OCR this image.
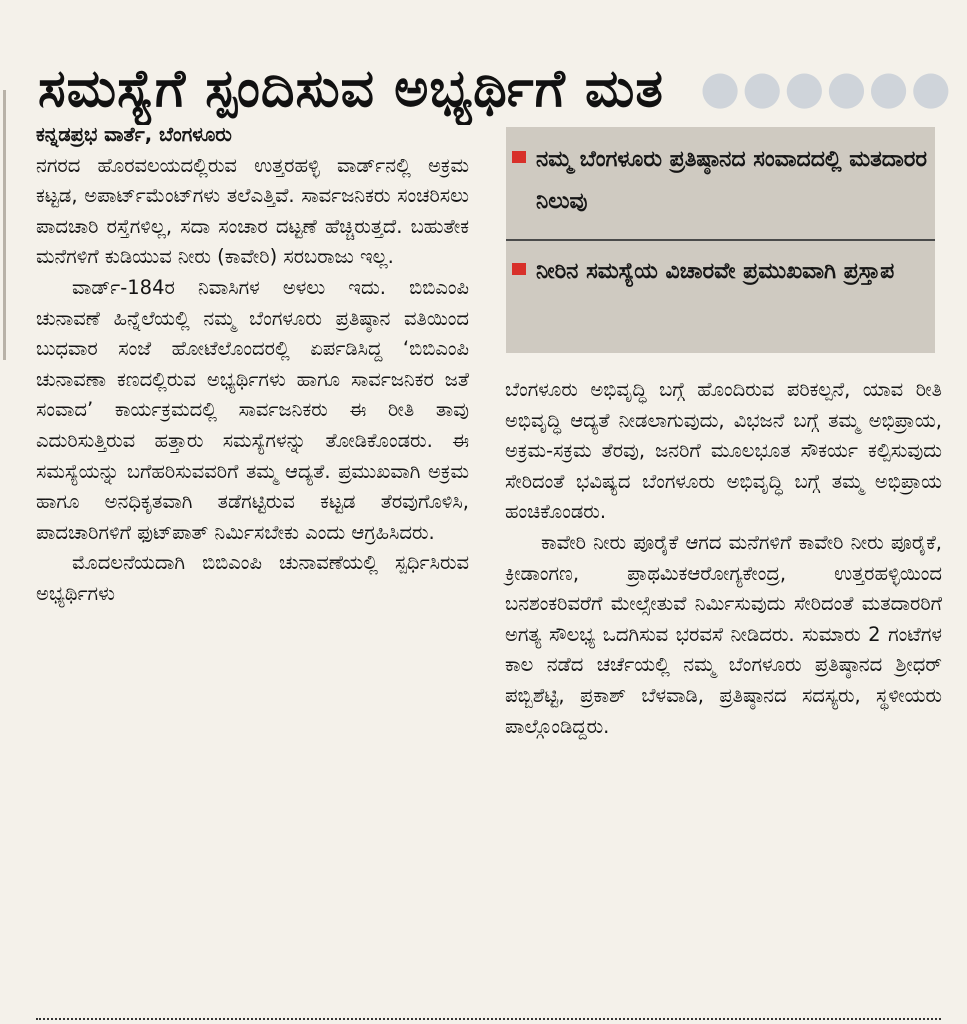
●●●●●●
ಸಮಸ್ಯೆಗೆ ಸ್ಪಂದಿಸುವ ಅಭ್ಯರ್ಥಿಗೆ ಮತ
ಕನ್ನಡಪ್ರಭ ವಾರ್ತೆ, ಬೆಂಗಳೂರು

ನಗರದ ಹೊರವಲಯದಲ್ಲಿರುವ ಉತ್ತರಹಳ್ಳಿ ವಾರ್ಡ್‌ನಲ್ಲಿ ಅಕ್ರಮ ಕಟ್ಟಡ, ಅಪಾರ್ಟ್‌ಮೆಂಟ್‌ಗಳು ತಲೆಎತ್ತಿವೆ. ಸಾರ್ವಜನಿಕರು ಸಂಚರಿಸಲು ಪಾದಚಾರಿ ರಸ್ತೆಗಳಿಲ್ಲ, ಸದಾ ಸಂಚಾರ ದಟ್ಟಣೆ ಹೆಚ್ಚಿರುತ್ತದೆ. ಬಹುತೇಕ ಮನೆಗಳಿಗೆ ಕುಡಿಯುವ ನೀರು (ಕಾವೇರಿ) ಸರಬರಾಜು ಇಲ್ಲ.

ವಾರ್ಡ್-184ರ ನಿವಾಸಿಗಳ ಅಳಲು ಇದು. ಬಿಬಿಎಂಪಿ ಚುನಾವಣೆ ಹಿನ್ನೆಲೆಯಲ್ಲಿ ನಮ್ಮ ಬೆಂಗಳೂರು ಪ್ರತಿಷ್ಠಾನ ವತಿಯಿಂದ ಬುಧವಾರ ಸಂಜೆ ಹೋಟೆಲೊಂದರಲ್ಲಿ ಏರ್ಪಡಿಸಿದ್ದ ‘ಬಿಬಿಎಂಪಿ ಚುನಾವಣಾ ಕಣದಲ್ಲಿರುವ ಅಭ್ಯರ್ಥಿಗಳು ಹಾಗೂ ಸಾರ್ವಜನಿಕರ ಜತೆ ಸಂವಾದ’ ಕಾರ್ಯಕ್ರಮದಲ್ಲಿ ಸಾರ್ವಜನಿಕರು ಈ ರೀತಿ ತಾವು ಎದುರಿಸುತ್ತಿರುವ ಹತ್ತಾರು ಸಮಸ್ಯೆಗಳನ್ನು ತೋಡಿಕೊಂಡರು. ಈ ಸಮಸ್ಯೆಯನ್ನು ಬಗೆಹರಿಸುವವರಿಗೆ ತಮ್ಮ ಆದ್ಯತೆ. ಪ್ರಮುಖವಾಗಿ ಅಕ್ರಮ ಹಾಗೂ ಅನಧಿಕೃತವಾಗಿ ತಡೆಗಟ್ಟಿರುವ ಕಟ್ಟಡ ತೆರವುಗೊಳಿಸಿ, ಪಾದಚಾರಿಗಳಿಗೆ ಫುಟ್‌ಪಾತ್ ನಿರ್ಮಿಸಬೇಕು ಎಂದು ಆಗ್ರಹಿಸಿದರು.

ಮೊದಲನೆಯದಾಗಿ ಬಿಬಿಎಂಪಿ ಚುನಾವಣೆಯಲ್ಲಿ ಸ್ಪರ್ಧಿಸಿರುವ ಅಭ್ಯರ್ಥಿಗಳು

ನಮ್ಮ ಬೆಂಗಳೂರು ಪ್ರತಿಷ್ಠಾನದ ಸಂವಾದದಲ್ಲಿ ಮತದಾರರ ನಿಲುವು
ನೀರಿನ ಸಮಸ್ಯೆಯ ವಿಚಾರವೇ ಪ್ರಮುಖವಾಗಿ ಪ್ರಸ್ತಾಪ

ಬೆಂಗಳೂರು ಅಭಿವೃದ್ಧಿ ಬಗ್ಗೆ ಹೊಂದಿರುವ ಪರಿಕಲ್ಪನೆ, ಯಾವ ರೀತಿ ಅಭಿವೃದ್ಧಿ ಆದ್ಯತೆ ನೀಡಲಾಗುವುದು, ವಿಭಜನೆ ಬಗ್ಗೆ ತಮ್ಮ ಅಭಿಪ್ರಾಯ, ಅಕ್ರಮ-ಸಕ್ರಮ ತೆರವು, ಜನರಿಗೆ ಮೂಲಭೂತ ಸೌಕರ್ಯ ಕಲ್ಪಿಸುವುದು ಸೇರಿದಂತೆ ಭವಿಷ್ಯದ ಬೆಂಗಳೂರು ಅಭಿವೃದ್ಧಿ ಬಗ್ಗೆ ತಮ್ಮ ಅಭಿಪ್ರಾಯ ಹಂಚಿಕೊಂಡರು.

ಕಾವೇರಿ ನೀರು ಪೂರೈಕೆ ಆಗದ ಮನೆಗಳಿಗೆ ಕಾವೇರಿ ನೀರು ಪೂರೈಕೆ, ಕ್ರೀಡಾಂಗಣ, ಪ್ರಾಥಮಿಕಆರೋಗ್ಯಕೇಂದ್ರ, ಉತ್ತರಹಳ್ಳಿಯಿಂದ ಬನಶಂಕರಿವರೆಗೆ ಮೇಲ್ಸೇತುವೆ ನಿರ್ಮಿಸುವುದು ಸೇರಿದಂತೆ ಮತದಾರರಿಗೆ ಅಗತ್ಯ ಸೌಲಭ್ಯ ಒದಗಿಸುವ ಭರವಸೆ ನೀಡಿದರು. ಸುಮಾರು 2 ಗಂಟೆಗಳ ಕಾಲ ನಡೆದ ಚರ್ಚೆಯಲ್ಲಿ ನಮ್ಮ ಬೆಂಗಳೂರು ಪ್ರತಿಷ್ಠಾನದ ಶ್ರೀಧರ್ ಪಬ್ಬಿಶೆಟ್ಟಿ, ಪ್ರಕಾಶ್ ಬೆಳವಾಡಿ, ಪ್ರತಿಷ್ಠಾನದ ಸದಸ್ಯರು, ಸ್ಥಳೀಯರು ಪಾಲ್ಗೊಂಡಿದ್ದರು.
